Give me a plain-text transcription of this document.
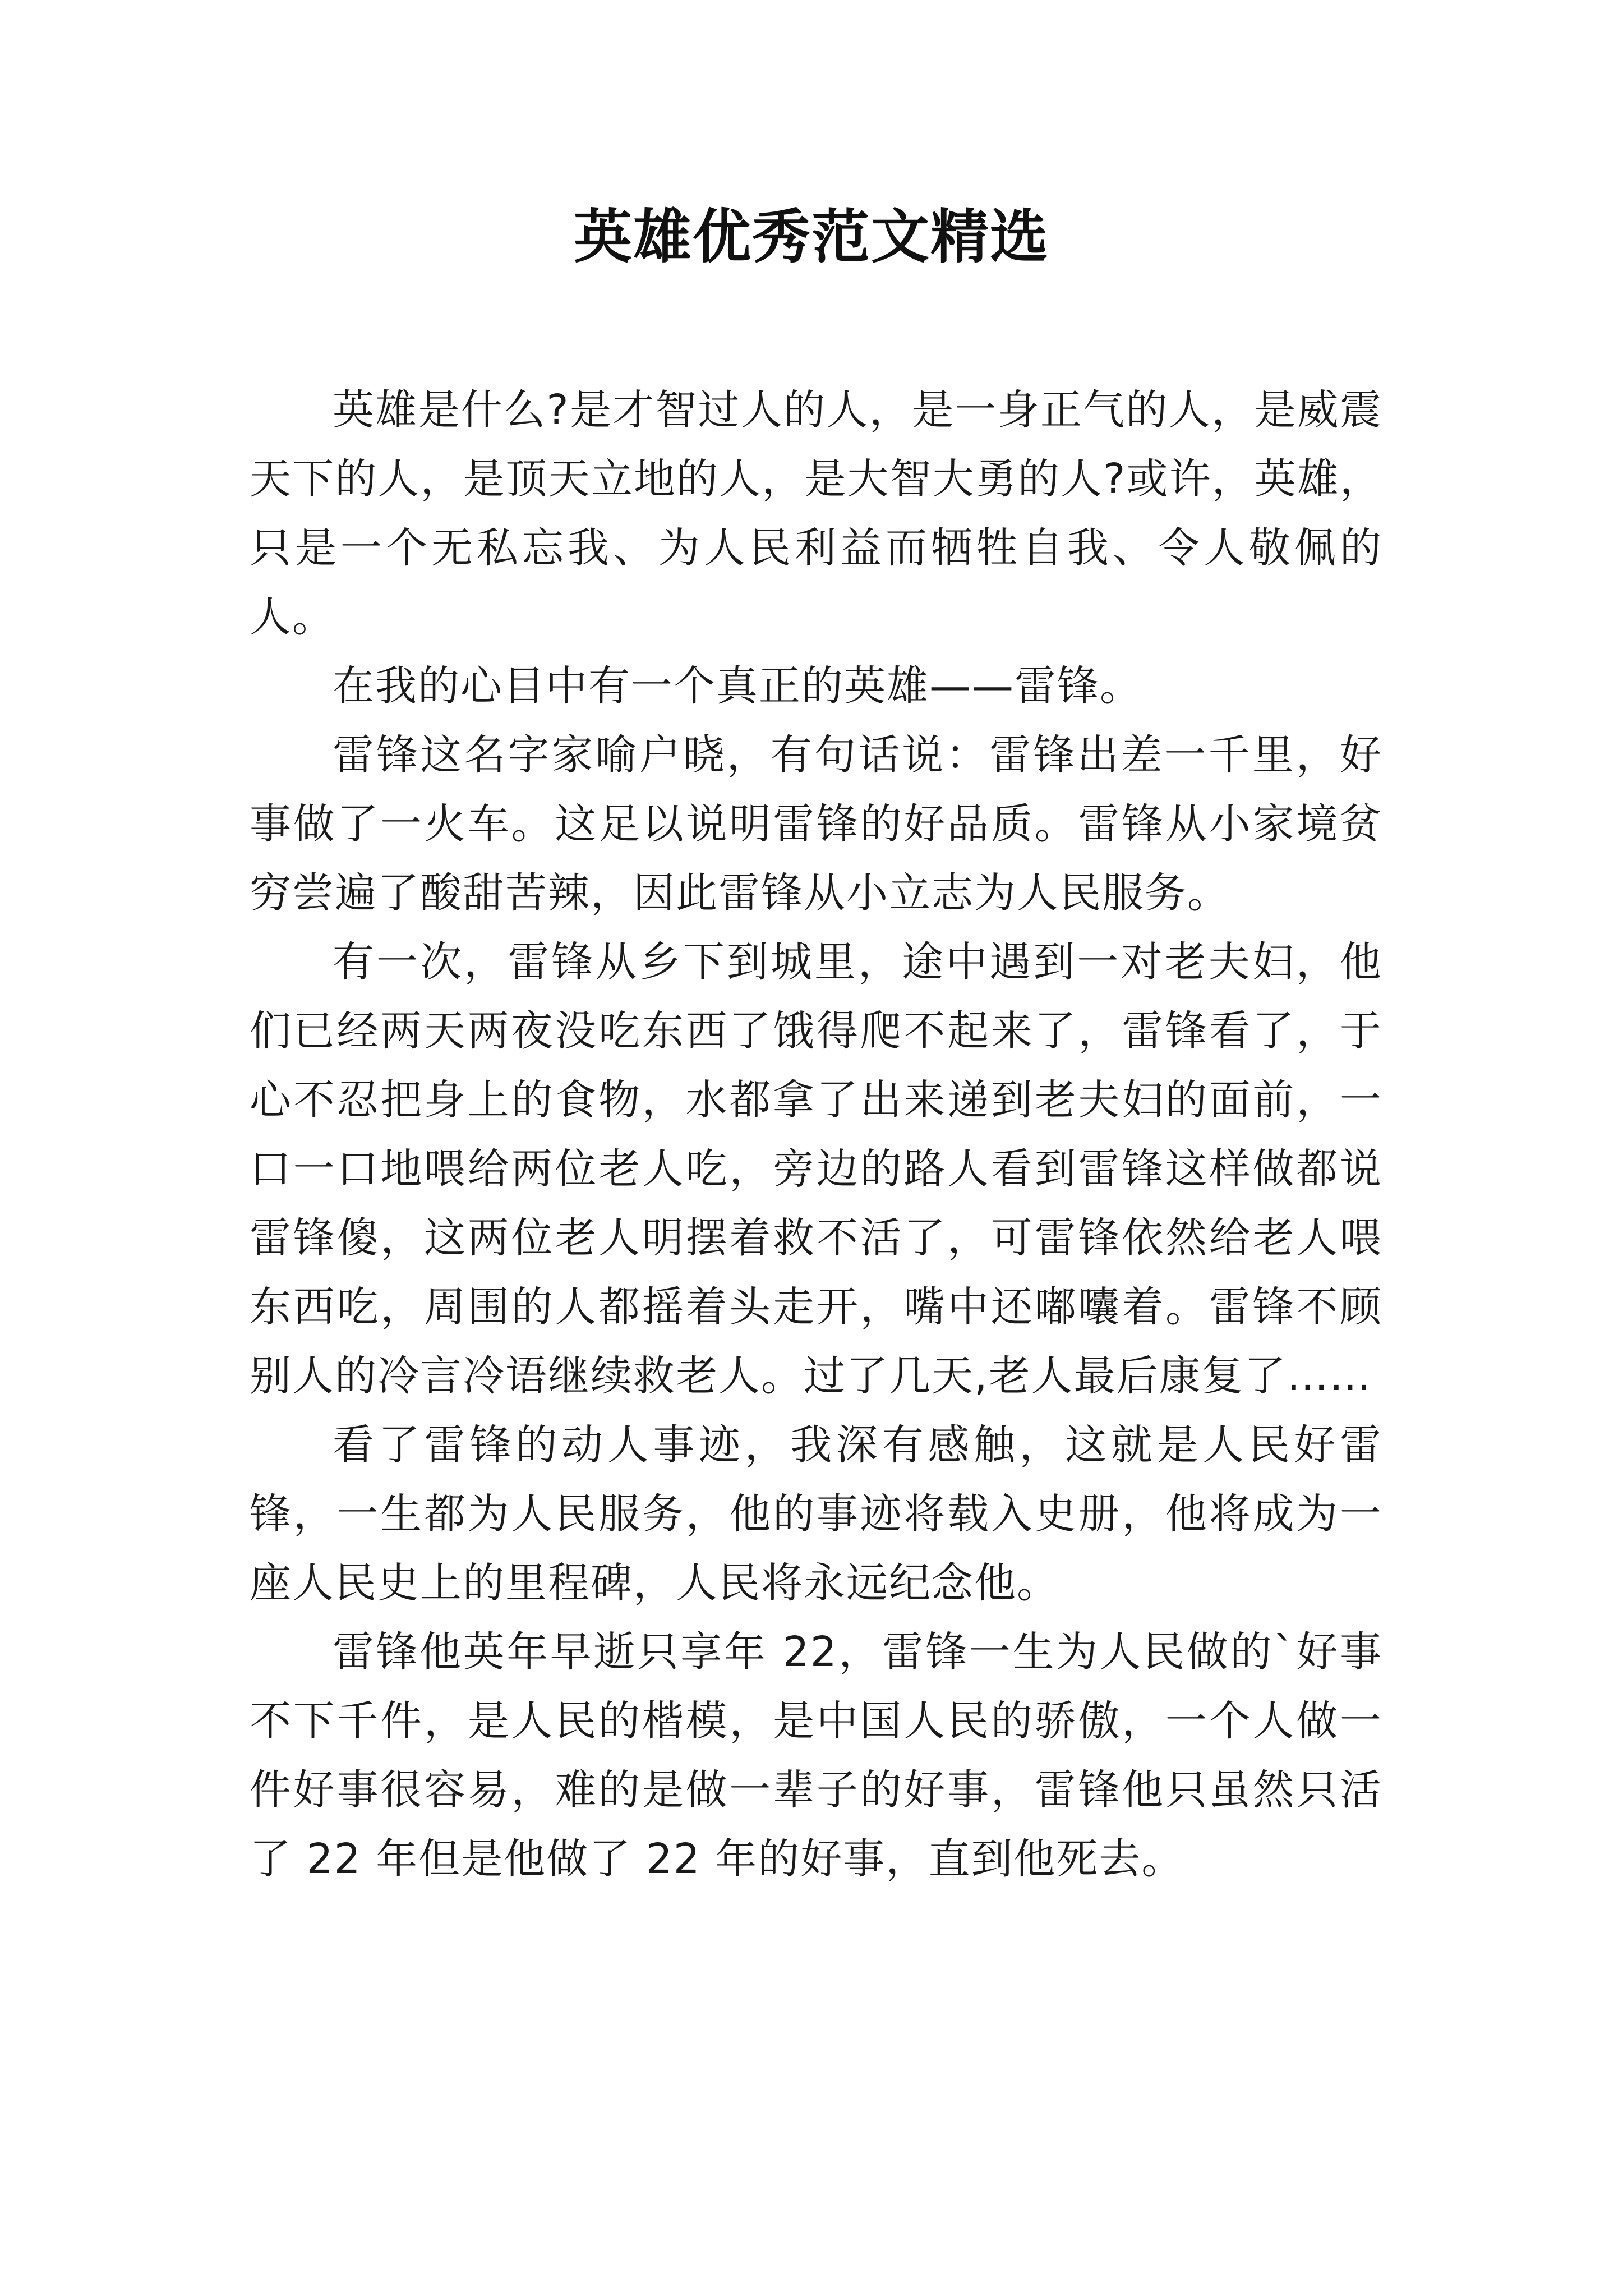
英雄优秀范文精选

英雄是什么?是才智过人的人，是一身正气的人，是威震天下的人，是顶天立地的人，是大智大勇的人?或许，英雄，只是一个无私忘我、为人民利益而牺牲自我、令人敬佩的人。

在我的心目中有一个真正的英雄——雷锋。

雷锋这名字家喻户晓，有句话说：雷锋出差一千里，好事做了一火车。这足以说明雷锋的好品质。雷锋从小家境贫穷尝遍了酸甜苦辣，因此雷锋从小立志为人民服务。

有一次，雷锋从乡下到城里，途中遇到一对老夫妇，他们已经两天两夜没吃东西了饿得爬不起来了，雷锋看了，于心不忍把身上的食物，水都拿了出来递到老夫妇的面前，一口一口地喂给两位老人吃，旁边的路人看到雷锋这样做都说雷锋傻，这两位老人明摆着救不活了，可雷锋依然给老人喂东西吃，周围的人都摇着头走开，嘴中还嘟囔着。雷锋不顾别人的冷言冷语继续救老人。过了几天,老人最后康复了……

看了雷锋的动人事迹，我深有感触，这就是人民好雷锋，一生都为人民服务，他的事迹将载入史册，他将成为一座人民史上的里程碑，人民将永远纪念他。

雷锋他英年早逝只享年 22，雷锋一生为人民做的`好事不下千件，是人民的楷模，是中国人民的骄傲，一个人做一件好事很容易，难的是做一辈子的好事，雷锋他只虽然只活了 22 年但是他做了 22 年的好事，直到他死去。
